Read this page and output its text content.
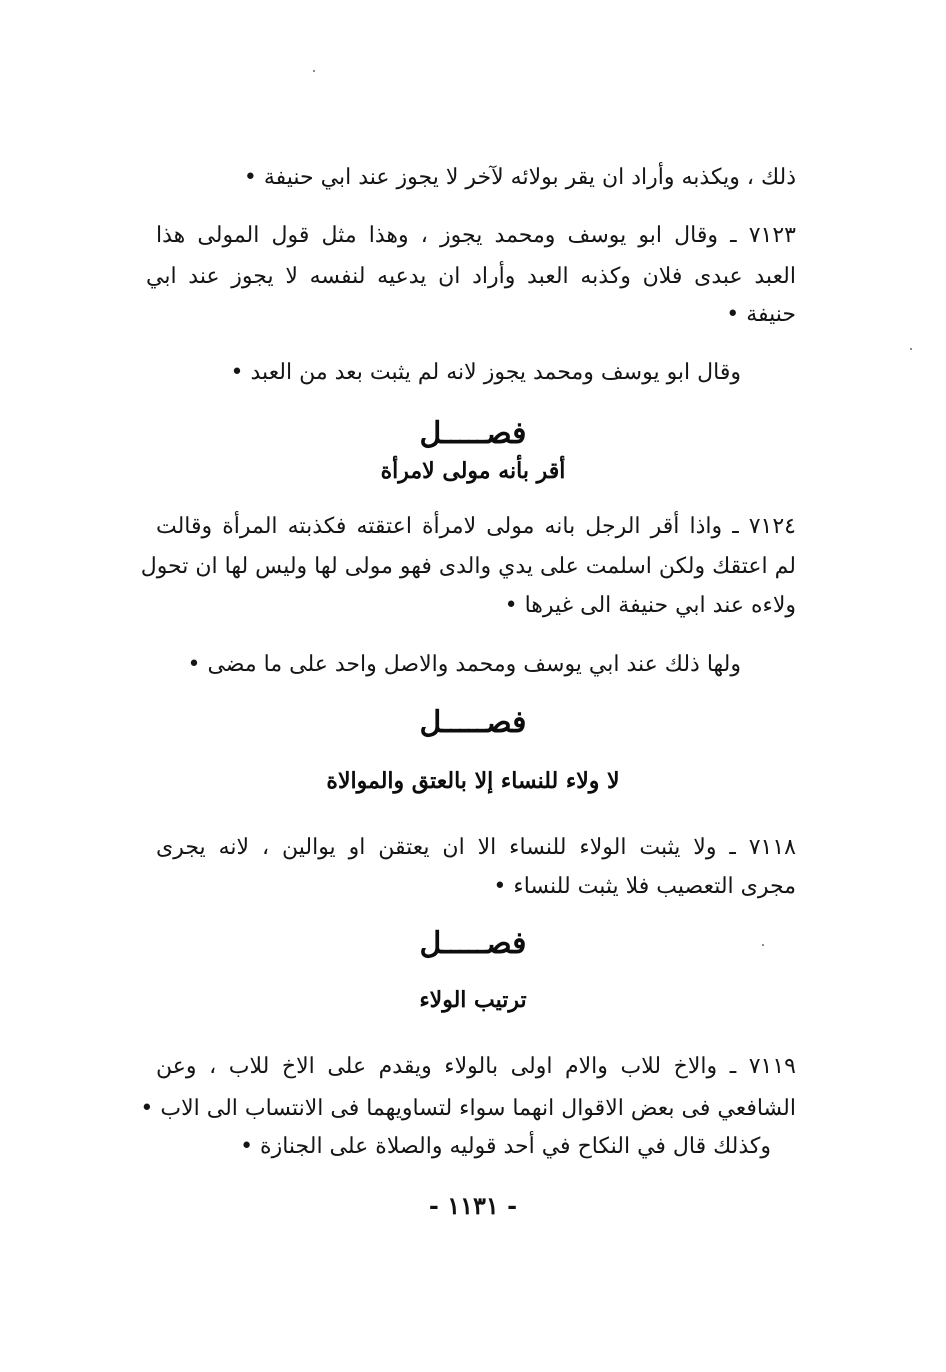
ذلك ، ويكذبه وأراد ان يقر بولائه لآخر لا يجوز عند ابي حنيفة •
٧١٢٣ ـ وقال ابو يوسف ومحمد يجوز ، وهذا مثل قول المولى هذا
العبد عبدى فلان وكذبه العبد وأراد ان يدعيه لنفسه لا يجوز عند ابي
حنيفة •
وقال ابو يوسف ومحمد يجوز لانه لم يثبت بعد من العبد •
فصـــــل
أقر بأنه مولى لامرأة
٧١٢٤ ـ واذا أقر الرجل بانه مولى لامرأة اعتقته فكذبته المرأة وقالت
لم اعتقك ولكن اسلمت على يدي والدى فهو مولى لها وليس لها ان تحول
ولاءه عند ابي حنيفة الى غيرها •
ولها ذلك عند ابي يوسف ومحمد والاصل واحد على ما مضى •
فصـــــل
لا ولاء للنساء إلا بالعتق والموالاة
٧١١٨ ـ ولا يثبت الولاء للنساء الا ان يعتقن او يوالين ، لانه يجرى
مجرى التعصيب فلا يثبت للنساء •
فصـــــل
ترتيب الولاء
٧١١٩ ـ والاخ للاب والام اولى بالولاء ويقدم على الاخ للاب ، وعن
الشافعي فى بعض الاقوال انهما سواء لتساويهما فى الانتساب الى الاب •
وكذلك قال في النكاح في أحد قوليه والصلاة على الجنازة •
- ١١٣١ -
